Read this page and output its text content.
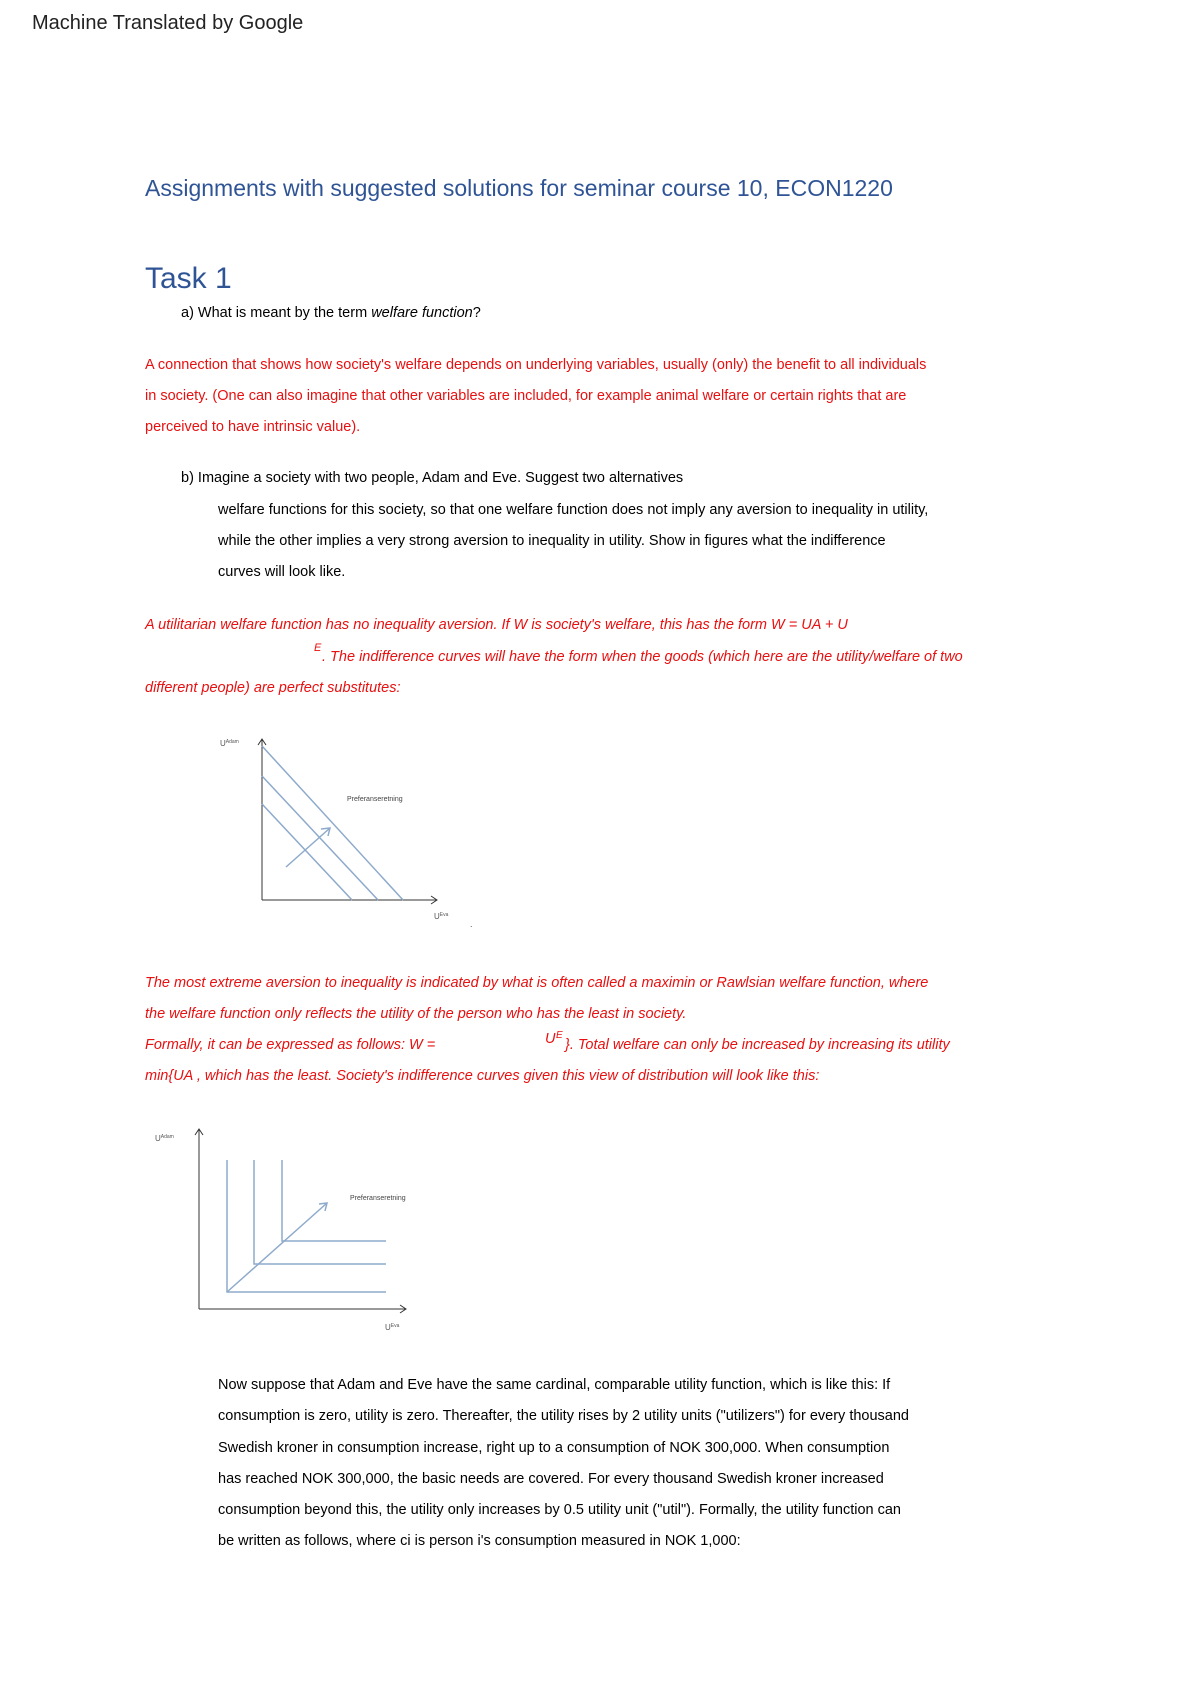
Machine Translated by Google
Assignments with suggested solutions for seminar course 10, ECON1220
Task 1
a) What is meant by the term welfare function?
A connection that shows how society's welfare depends on underlying variables, usually (only) the benefit to all individuals
in society. (One can also imagine that other variables are included, for example animal welfare or certain rights that are
perceived to have intrinsic value).
b) Imagine a society with two people, Adam and Eve. Suggest two alternatives
welfare functions for this society, so that one welfare function does not imply any aversion to inequality in utility,
while the other implies a very strong aversion to inequality in utility. Show in figures what the indifference
curves will look like.
A utilitarian welfare function has no inequality aversion. If W is society's welfare, this has the form W = UA + U
E
. The indifference curves will have the form when the goods (which here are the utility/welfare of two
different people) are perfect substitutes:
$U^{Adam}$
Preferanseretning
$U^{Eva}$
.
The most extreme aversion to inequality is indicated by what is often called a maximin or Rawlsian welfare function, where
the welfare function only reflects the utility of the person who has the least in society.
Formally, it can be expressed as follows: W =	U E
}. Total welfare can only be increased by increasing its utility
min{UA , which has the least. Society's indifference curves given this view of distribution will look like this:
$U^{Adam}$
Preferanseretning
$U^{Eva}$
Now suppose that Adam and Eve have the same cardinal, comparable utility function, which is like this: If
consumption is zero, utility is zero. Thereafter, the utility rises by 2 utility units ("utilizers") for every thousand
Swedish kroner in consumption increase, right up to a consumption of NOK 300,000. When consumption
has reached NOK 300,000, the basic needs are covered. For every thousand Swedish kroner increased
consumption beyond this, the utility only increases by 0.5 utility unit ("util"). Formally, the utility function can
be written as follows, where ci is person i's consumption measured in NOK 1,000:
